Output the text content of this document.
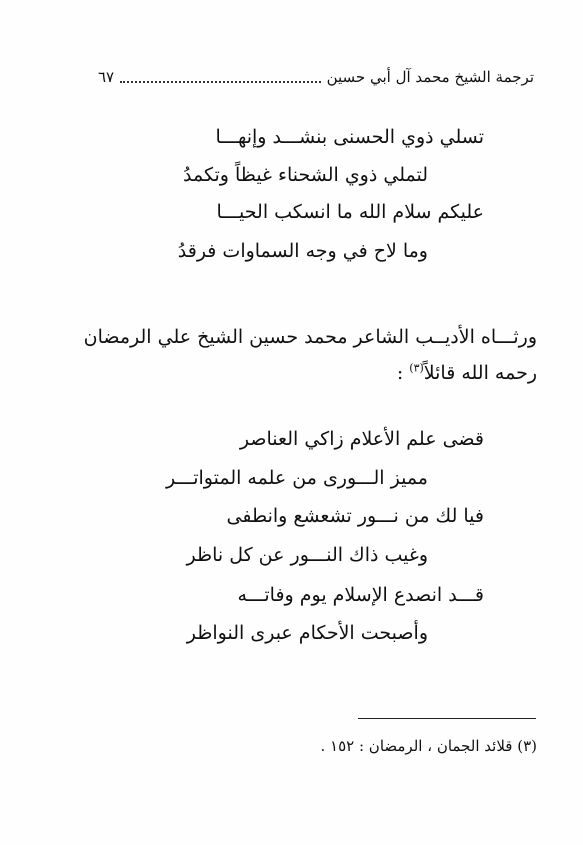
ترجمة الشيخ محمد آل أبي حسين
٦٧
تسلي ذوي الحسنى بنشـــد وإنهـــا
لتملي ذوي الشحناء غيظاً وتكمدُ
عليكم سلام الله ما انسكب الحيـــا
وما لاح في وجه السماوات فرقدُ
ورثـــاه الأديــب الشاعر محمد حسين الشيخ علي الرمضان
رحمه الله قائلاً$^{(٣)}$ :
قضى علم الأعلام زاكي العناصر
مميز الـــورى من علمه المتواتـــر
فيا لك من نـــور تشعشع وانطفى
وغيب ذاك النـــور عن كل ناظر
قـــد انصدع الإسلام يوم وفاتـــه
وأصبحت الأحكام عبرى النواظر
(٣) قلائد الجمان ، الرمضان : ١٥٢ .
